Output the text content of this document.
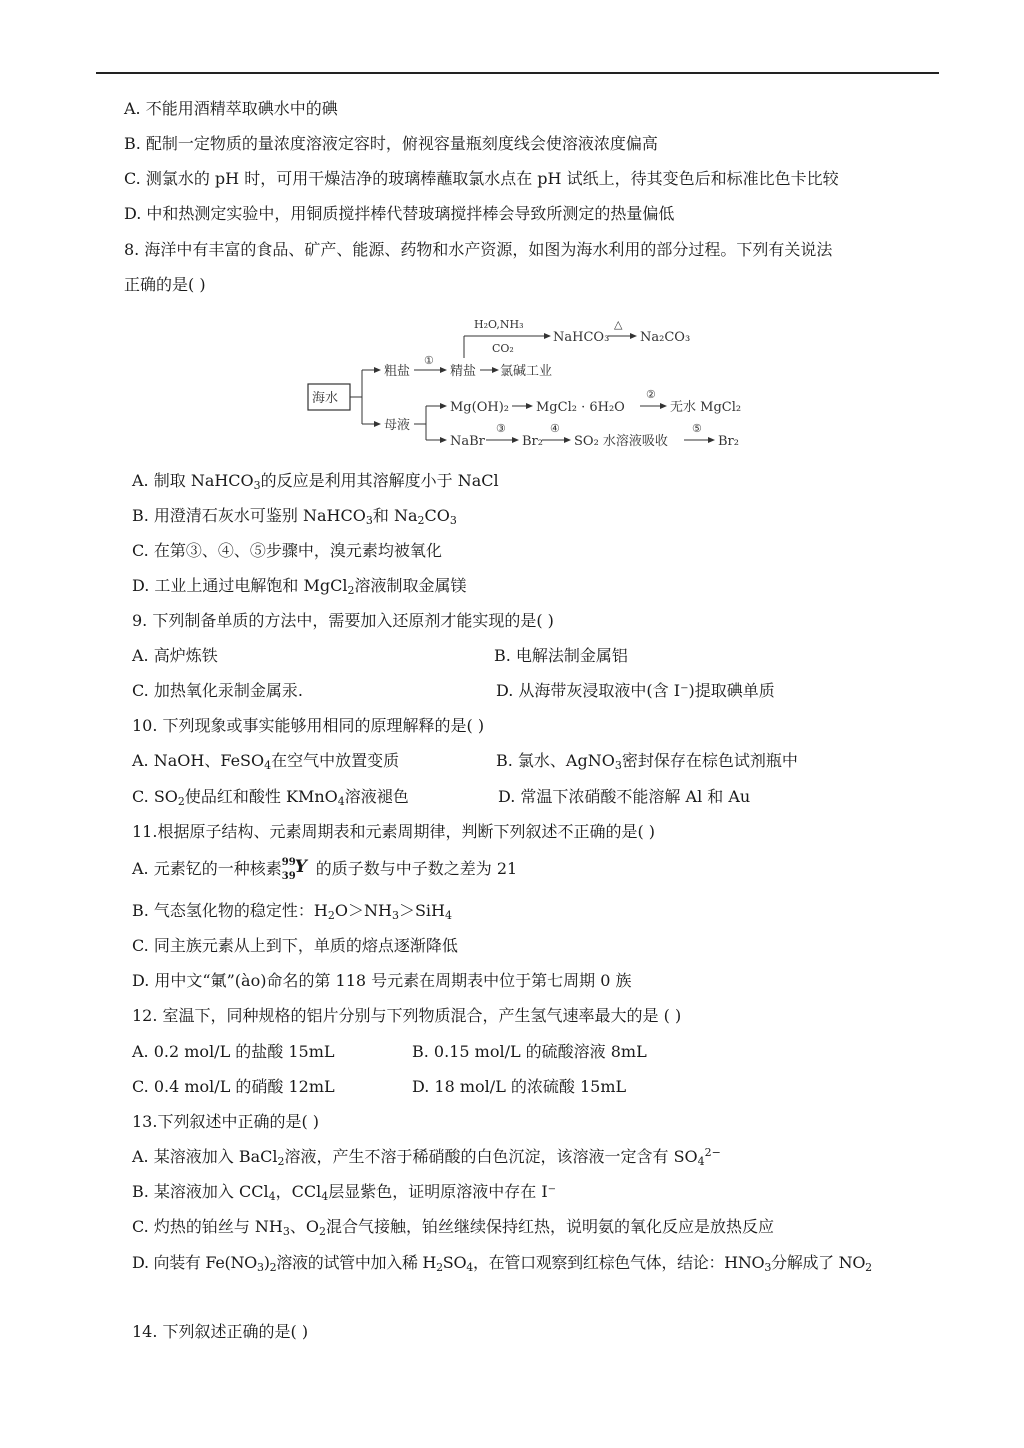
A. 不能用酒精萃取碘水中的碘
B. 配制一定物质的量浓度溶液定容时，俯视容量瓶刻度线会使溶液浓度偏高
C. 测氯水的 pH 时，可用干燥洁净的玻璃棒蘸取氯水点在 pH 试纸上，待其变色后和标准比色卡比较
D. 中和热测定实验中，用铜质搅拌棒代替玻璃搅拌棒会导致所测定的热量偏低
8. 海洋中有丰富的食品、矿产、能源、药物和水产资源，如图为海水利用的部分过程。下列有关说法
正确的是( )
海水
粗盐
母液
①
精盐
H₂O,NH₃
CO₂
NaHCO₃
△
Na₂CO₃
氯碱工业
Mg(OH)₂ MgCl₂ · 6H₂O
②
无水 MgCl₂
NaBr
③
Br₂
④
SO₂ 水溶液吸收
⑤
Br₂
A. 制取 NaHCO$_3$的反应是利用其溶解度小于 NaCl
B. 用澄清石灰水可鉴别 NaHCO$_3$和 $Na_2CO_3$
C. 在第③、④、⑤步骤中，溴元素均被氧化
D. 工业上通过电解饱和 MgCl$_2$溶液制取金属镁
9. 下列制备单质的方法中，需要加入还原剂才能实现的是( )
A. 高炉炼铁	B. 电解法制金属铝
C. 加热氧化汞制金属汞.	D. 从海带灰浸取液中(含 I⁻)提取碘单质
10. 下列现象或事实能够用相同的原理解释的是( )
A. NaOH、FeSO$_4$在空气中放置变质	B. 氯水、AgNO$_3$密封保存在棕色试剂瓶中
C. $SO_2$使品红和酸性 KMnO$_4$溶液褪色	D. 常温下浓硝酸不能溶解 Al 和 Au
11.根据原子结构、元素周期表和元素周期律，判断下列叙述不正确的是( )
A. 元素钇的一种核素 99
39 Y 的质子数与中子数之差为 21
B. 气态氢化物的稳定性：$H_2O>NH_3>SiH_4$
C. 同主族元素从上到下，单质的熔点逐渐降低
D. 用中文“氭”(ào)命名的第 118 号元素在周期表中位于第七周期 0 族
12. 室温下，同种规格的铝片分别与下列物质混合，产生氢气速率最大的是 ( )
A. 0.2 mol/L 的盐酸 15mL	B. 0.15 mol/L 的硫酸溶液 8mL
C. 0.4 mol/L 的硝酸 12mL	D. 18 mol/L 的浓硫酸 15mL
13.下列叙述中正确的是( )
A. 某溶液加入 BaCl$_2$溶液，产生不溶于稀硝酸的白色沉淀，该溶液一定含有 $SO_4^{2-}$
B. 某溶液加入 CCl$_4$，CCl$_4$层显紫色，证明原溶液中存在 I⁻
C. 灼热的铂丝与 $NH_3$、$O_2$混合气接触，铂丝继续保持红热，说明氨的氧化反应是放热反应
D. 向装有 $Fe(NO_3)_2$溶液的试管中加入稀 $H_2SO_4$，在管口观察到红棕色气体，结论：$HNO_3$分解成了 $NO_2$
14. 下列叙述正确的是( )
